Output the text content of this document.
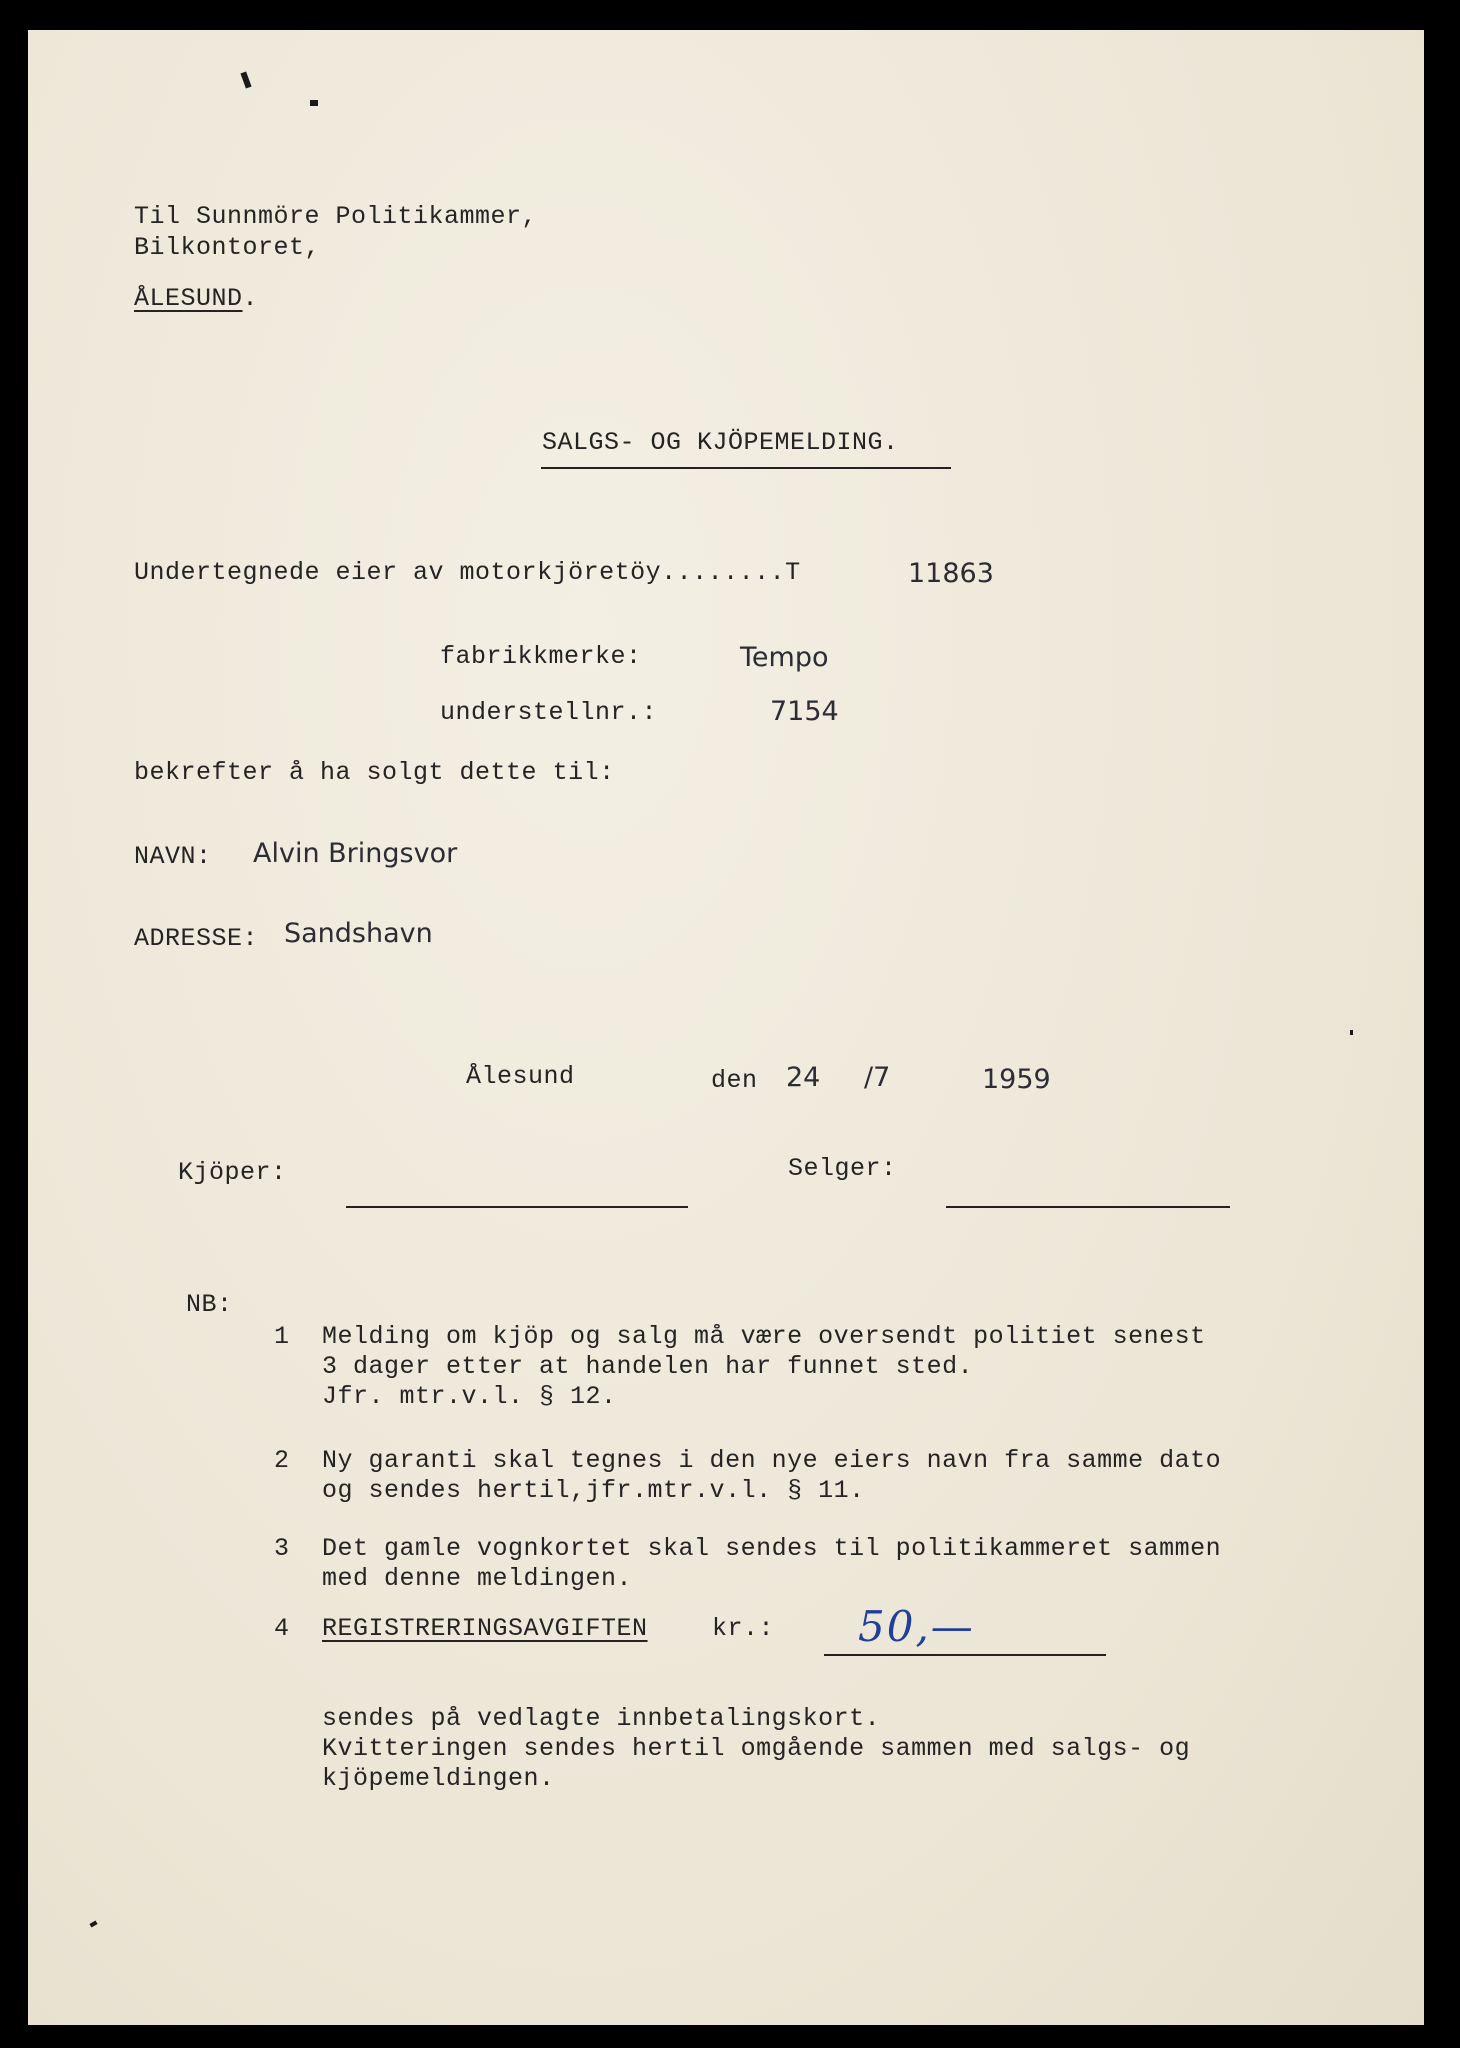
Til Sunnmöre Politikammer,
Bilkontoret,
ÅLESUND.
SALGS- OG KJÖPEMELDING.
Undertegnede eier av motorkjöretöy........T	11863
fabrikkmerke:	Tempo
understellnr.:	7154
bekrefter å ha solgt dette til:
NAVN: Alvin Bringsvor
ADRESSE: Sandshavn
Ålesund	den 24 /7	1959
Kjöper:	Selger:
NB:
1 Melding om kjöp og salg må være oversendt politiet senest
3 dager etter at handelen har funnet sted.
Jfr. mtr.v.l. § 12.
2 Ny garanti skal tegnes i den nye eiers navn fra samme dato
og sendes hertil,jfr.mtr.v.l. § 11.
3 Det gamle vognkortet skal sendes til politikammeret sammen
med denne meldingen.
4 REGISTRERINGSAVGIFTEN	kr.: 50,—
sendes på vedlagte innbetalingskort.
Kvitteringen sendes hertil omgående sammen med salgs- og
kjöpemeldingen.
